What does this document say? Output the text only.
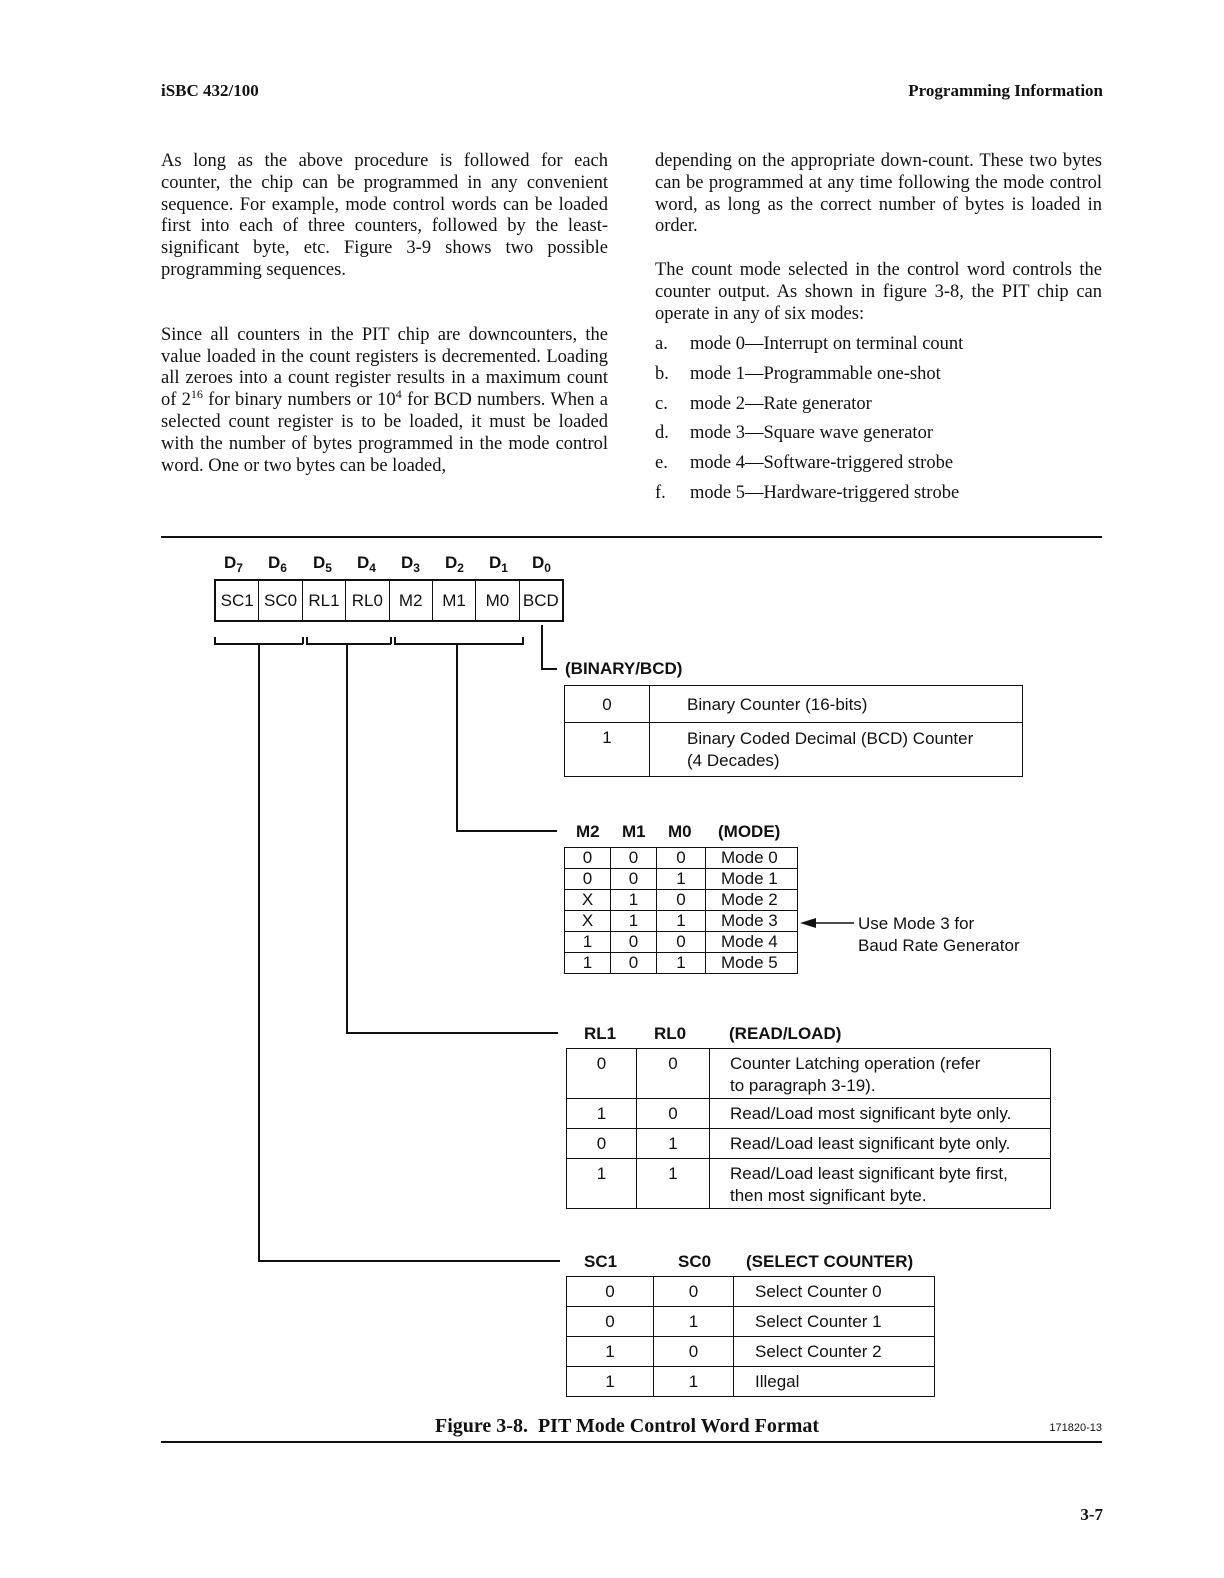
iSBC 432/100	Programming Information

As long as the above procedure is followed for each counter, the chip can be programmed in any convenient sequence. For example, mode control words can be loaded first into each of three counters, followed by the least-significant byte, etc. Figure 3-9 shows two possible programming sequences.

Since all counters in the PIT chip are downcounters, the value loaded in the count registers is decremented. Loading all zeroes into a count register results in a maximum count of $2^{16}$ for binary numbers or $10^4$ for BCD numbers. When a selected count register is to be loaded, it must be loaded with the number of bytes programmed in the mode control word. One or two bytes can be loaded,

depending on the appropriate down-count. These two bytes can be programmed at any time following the mode control word, as long as the correct number of bytes is loaded in order.

The count mode selected in the control word controls the counter output. As shown in figure 3-8, the PIT chip can operate in any of six modes:

a. mode 0—Interrupt on terminal count
b. mode 1—Programmable one-shot
c. mode 2—Rate generator
d. mode 3—Square wave generator
e. mode 4—Software-triggered strobe
f. mode 5—Hardware-triggered strobe
$D_7$ $D_6$ $D_5$ $D_4$ $D_3$ $D_2$ $D_1$ $D_0$
SC1 SC0 RL1 RL0 M2	M1	M0 BCD
(BINARY/BCD)
0	Binary Counter (16-bits)
1	Binary Coded Decimal (BCD) Counter
(4 Decades)
M2 M1 M0 (MODE)
0	0	0	Mode 0
0	0	1	Mode 1
X	1	0	Mode 2
X	1	1	Mode 3
1	0	0	Mode 4
1	0	1	Mode 5
Use Mode 3 for
Baud Rate Generator
RL1 RL0	(READ/LOAD)
0	0	Counter Latching operation (refer
to paragraph 3-19).

1	0	Read/Load most significant byte only.
0	1	Read/Load least significant byte only.
1	1	Read/Load least significant byte first,
then most significant byte.
SC1	SC0 (SELECT COUNTER)
0	0	Select Counter 0
0	1	Select Counter 1
1	0	Select Counter 2
1	1	Illegal
Figure 3-8.  PIT Mode Control Word Format	171820-13
3-7
